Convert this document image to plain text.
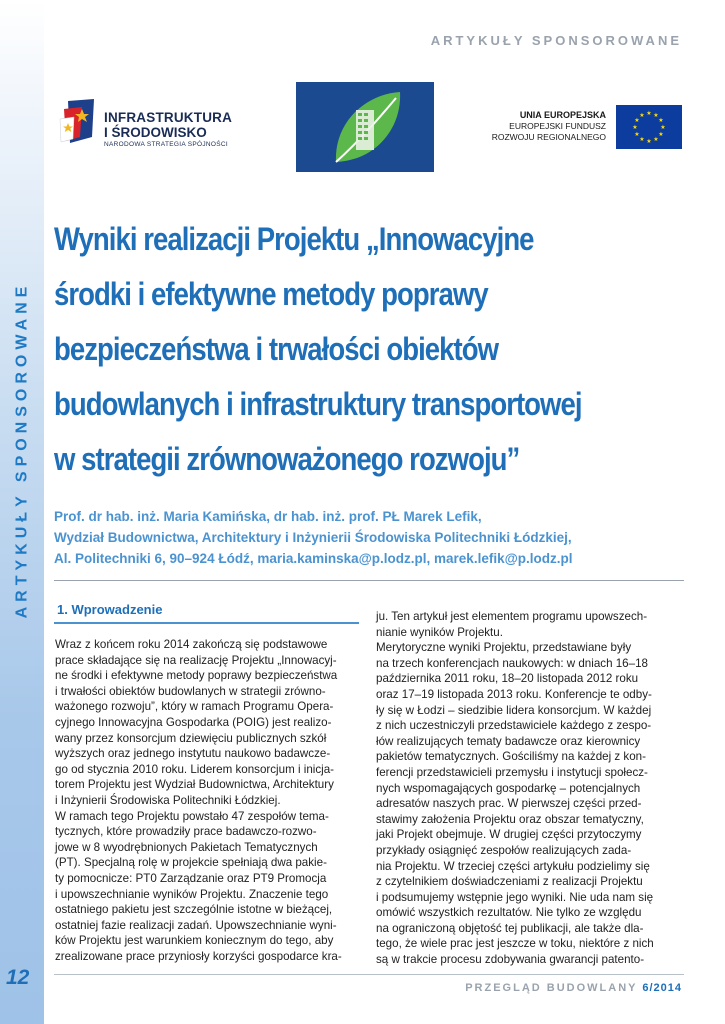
ARTYKUŁY SPONSOROWANE
12
ARTYKUŁY SPONSOROWANE
INFRASTRUKTURA
I ŚRODOWISKO
NARODOWA STRATEGIA SPÓJNOŚCI
UNIA EUROPEJSKA
EUROPEJSKI FUNDUSZ
ROZWOJU REGIONALNEGO
★ ★
★
★
★
★
★
★
★
★
★
★
Wyniki realizacji Projektu „Innowacyjne
środki i efektywne metody poprawy
bezpieczeństwa i trwałości obiektów
budowlanych i infrastruktury transportowej
w strategii zrównoważonego rozwoju”
Prof. dr hab. inż. Maria Kamińska, dr hab. inż. prof. PŁ Marek Lefik,
Wydział Budownictwa, Architektury i Inżynierii Środowiska Politechniki Łódzkiej,
Al. Politechniki 6, 90–924 Łódź, maria.kaminska@p.lodz.pl, marek.lefik@p.lodz.pl
1. Wprowadzenie
Wraz z końcem roku 2014 zakończą się podstawowe
prace składające się na realizację Projektu „Innowacyj-
ne środki i efektywne metody poprawy bezpieczeństwa
i trwałości obiektów budowlanych w strategii zrówno-
ważonego rozwoju”, który w ramach Programu Opera-
cyjnego Innowacyjna Gospodarka (POIG) jest realizo-
wany przez konsorcjum dziewięciu publicznych szkół
wyższych oraz jednego instytutu naukowo badawcze-
go od stycznia 2010 roku. Liderem konsorcjum i inicja-
torem Projektu jest Wydział Budownictwa, Architektury
i Inżynierii Środowiska Politechniki Łódzkiej.
W ramach tego Projektu powstało 47 zespołów tema-
tycznych, które prowadziły prace badawczo-rozwo-
jowe w 8 wyodrębnionych Pakietach Tematycznych
(PT). Specjalną rolę w projekcie spełniają dwa pakie-
ty pomocnicze: PT0 Zarządzanie oraz PT9 Promocja
i upowszechnianie wyników Projektu. Znaczenie tego
ostatniego pakietu jest szczególnie istotne w bieżącej,
ostatniej fazie realizacji zadań. Upowszechnianie wyni-
ków Projektu jest warunkiem koniecznym do tego, aby
zrealizowane prace przyniosły korzyści gospodarce kra-
ju. Ten artykuł jest elementem programu upowszech-
nianie wyników Projektu.
Merytoryczne wyniki Projektu, przedstawiane były
na trzech konferencjach naukowych: w dniach 16–18
października 2011 roku, 18–20 listopada 2012 roku
oraz 17–19 listopada 2013 roku. Konferencje te odby-
ły się w Łodzi – siedzibie lidera konsorcjum. W każdej
z nich uczestniczyli przedstawiciele każdego z zespo-
łów realizujących tematy badawcze oraz kierownicy
pakietów tematycznych. Gościliśmy na każdej z kon-
ferencji przedstawicieli przemysłu i instytucji społecz-
nych wspomagających gospodarkę – potencjalnych
adresatów naszych prac. W pierwszej części przed-
stawimy założenia Projektu oraz obszar tematyczny,
jaki Projekt obejmuje. W drugiej części przytoczymy
przykłady osiągnięć zespołów realizujących zada-
nia Projektu. W trzeciej części artykułu podzielimy się
z czytelnikiem doświadczeniami z realizacji Projektu
i podsumujemy wstępnie jego wyniki. Nie uda nam się
omówić wszystkich rezultatów. Nie tylko ze względu
na ograniczoną objętość tej publikacji, ale także dla-
tego, że wiele prac jest jeszcze w toku, niektóre z nich
są w trakcie procesu zdobywania gwarancji patento-
PRZEGLĄD BUDOWLANY 6/2014
